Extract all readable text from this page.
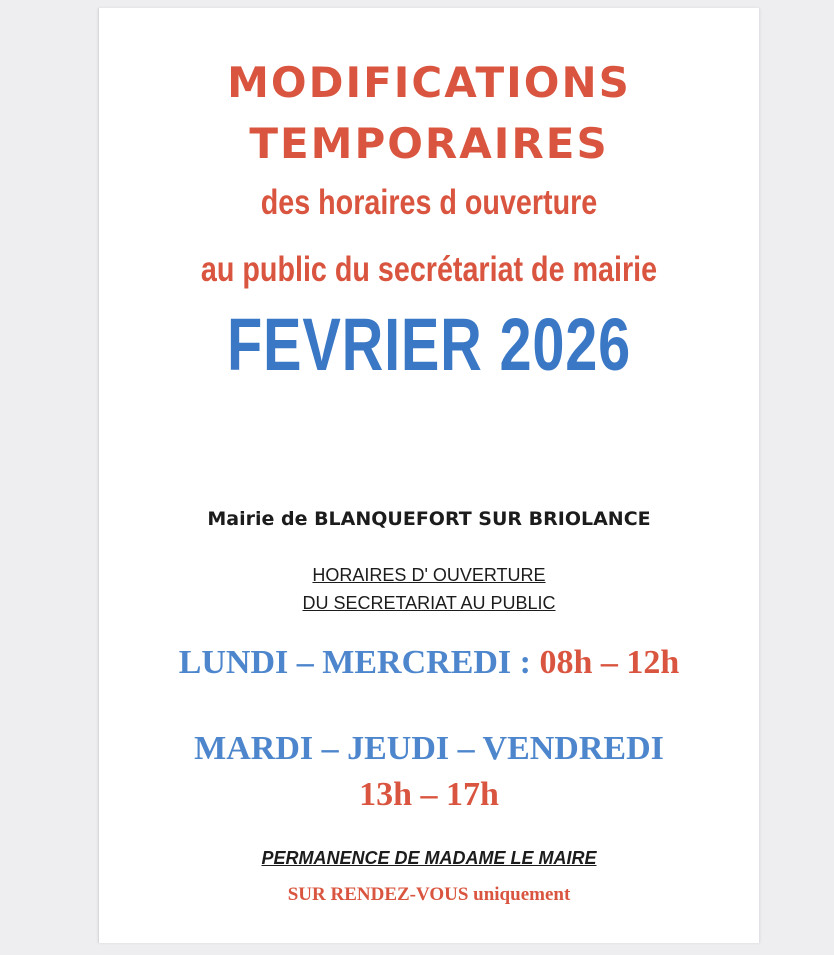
MODIFICATIONS
TEMPORAIRES
des horaires d ouverture
au public du secrétariat de mairie
FEVRIER 2026
Mairie de BLANQUEFORT SUR BRIOLANCE
HORAIRES D' OUVERTURE
DU SECRETARIAT AU PUBLIC
LUNDI – MERCREDI : 08h – 12h
MARDI – JEUDI – VENDREDI
13h – 17h
PERMANENCE DE MADAME LE MAIRE
SUR RENDEZ-VOUS uniquement
